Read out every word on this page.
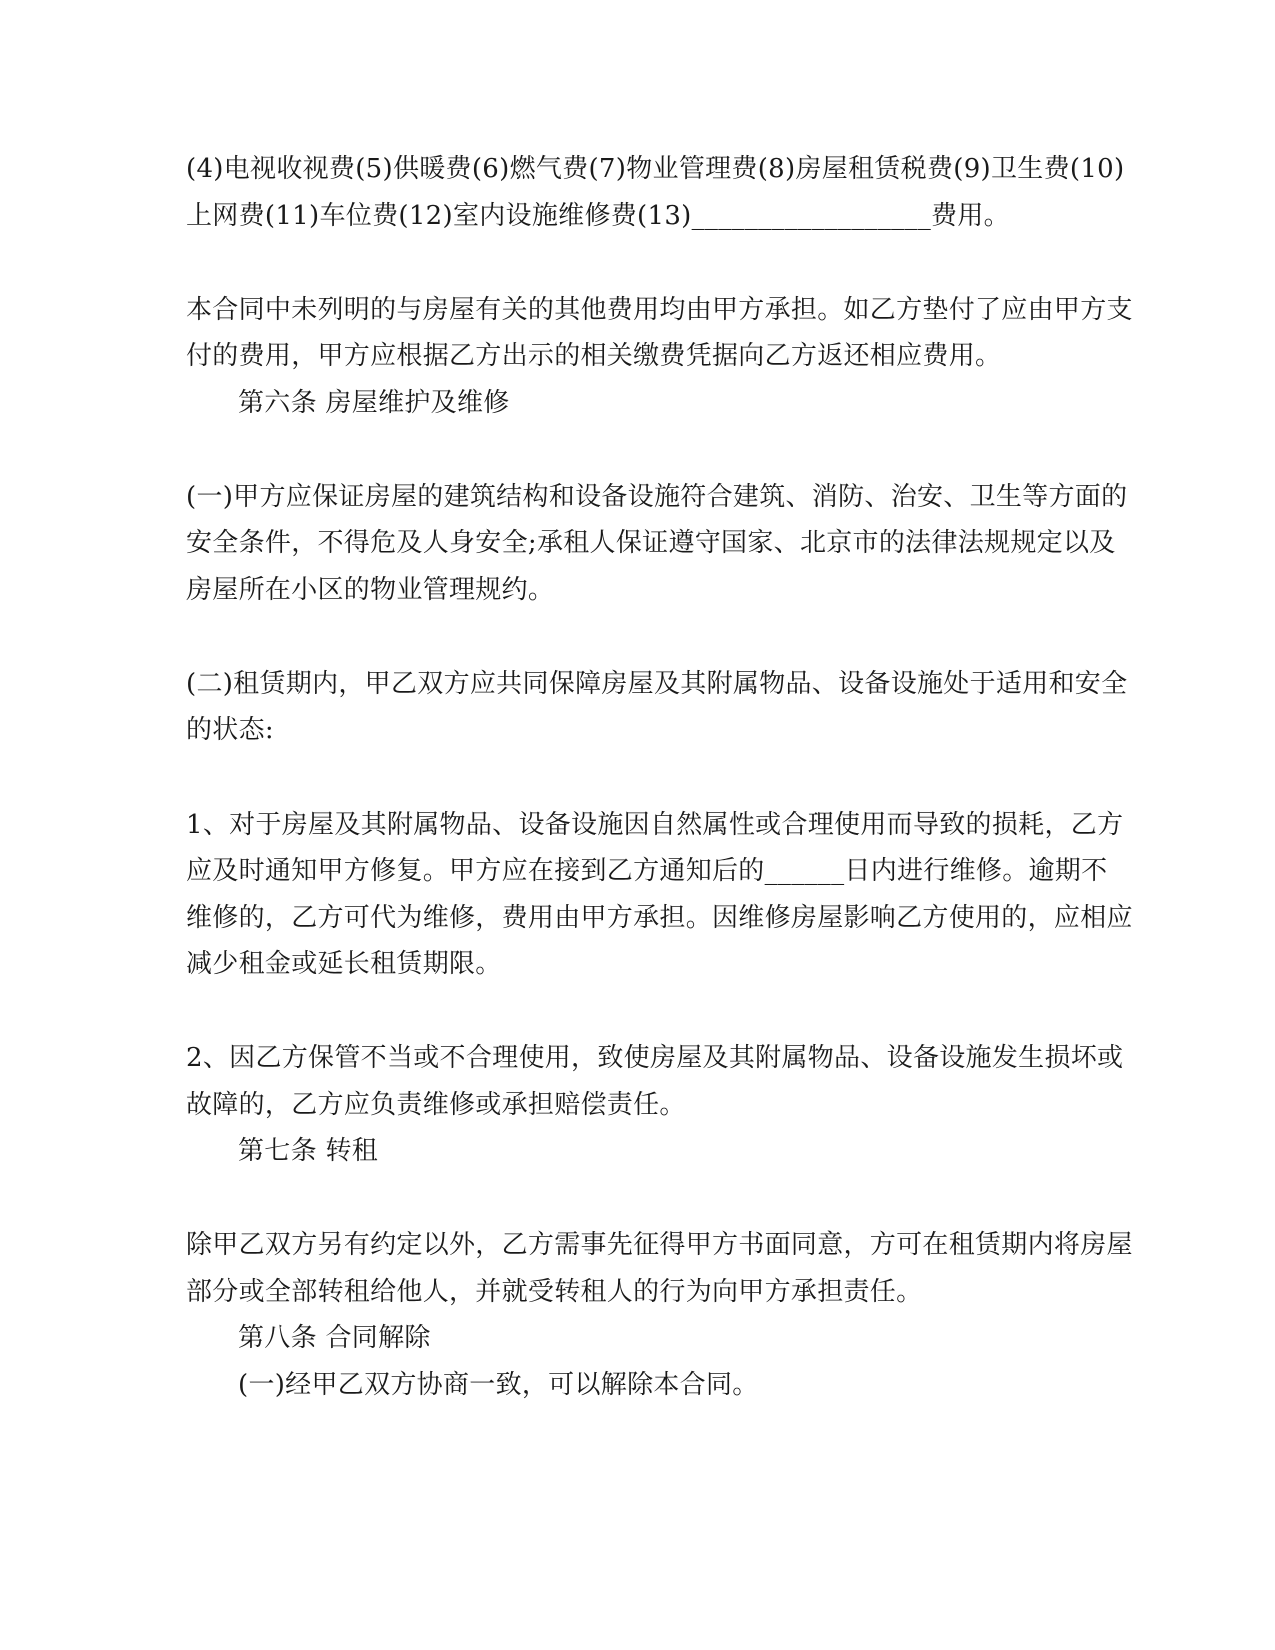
(4)电视收视费(5)供暖费(6)燃气费(7)物业管理费(8)房屋租赁税费(9)卫生费(10)
上网费(11)车位费(12)室内设施维修费(13)__________________费用。
本合同中未列明的与房屋有关的其他费用均由甲方承担。如乙方垫付了应由甲方支
付的费用，甲方应根据乙方出示的相关缴费凭据向乙方返还相应费用。
第六条 房屋维护及维修
(一)甲方应保证房屋的建筑结构和设备设施符合建筑、消防、治安、卫生等方面的
安全条件，不得危及人身安全;承租人保证遵守国家、北京市的法律法规规定以及
房屋所在小区的物业管理规约。
(二)租赁期内，甲乙双方应共同保障房屋及其附属物品、设备设施处于适用和安全
的状态:
1、对于房屋及其附属物品、设备设施因自然属性或合理使用而导致的损耗，乙方
应及时通知甲方修复。甲方应在接到乙方通知后的______日内进行维修。逾期不
维修的，乙方可代为维修，费用由甲方承担。因维修房屋影响乙方使用的，应相应
减少租金或延长租赁期限。
2、因乙方保管不当或不合理使用，致使房屋及其附属物品、设备设施发生损坏或
故障的，乙方应负责维修或承担赔偿责任。
第七条 转租
除甲乙双方另有约定以外，乙方需事先征得甲方书面同意，方可在租赁期内将房屋
部分或全部转租给他人，并就受转租人的行为向甲方承担责任。
第八条 合同解除
(一)经甲乙双方协商一致，可以解除本合同。
